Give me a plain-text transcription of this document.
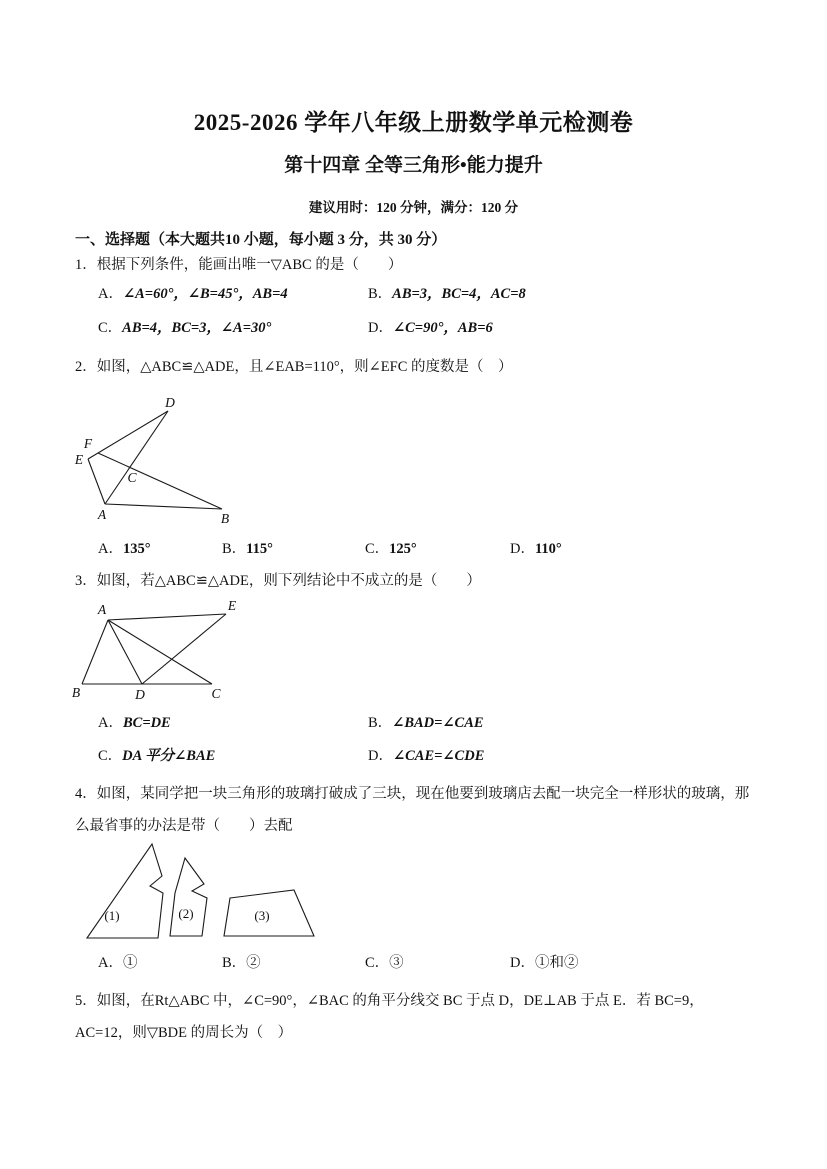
2025-2026 学年八年级上册数学单元检测卷
第十四章 全等三角形•能力提升
建议用时：120 分钟，满分：120 分
一、选择题（本大题共10 小题，每小题 3 分，共 30 分）
1．根据下列条件，能画出唯一▽ABC 的是（　　）
A．∠A=60°，∠B=45°，AB=4	B．AB=3，BC=4，AC=8
C．AB=4，BC=3，∠A=30°	D．∠C=90°，AB=6
2．如图，△ABC≌△ADE，且∠EAB=110°，则∠EFC 的度数是（　）
D
F
E
C
A	B
A．135°	B．115°	C．125°	D．110°
3．如图，若△ABC≌△ADE，则下列结论中不成立的是（　　）
A	E
B	D	C
A．BC=DE	B．∠BAD=∠CAE
C．DA 平分∠BAE	D．∠CAE=∠CDE
4．如图，某同学把一块三角形的玻璃打破成了三块，现在他要到玻璃店去配一块完全一样形状的玻璃，那么最省事的办法是带（　　）去配
(1)	(2)	(3)
A．①	B．②	C．③	D．①和②
5．如图，在Rt△ABC 中，∠C=90°，∠BAC 的角平分线交 BC 于点 D，DE⊥AB 于点 E．若 BC=9，AC=12，则▽BDE 的周长为（　）
